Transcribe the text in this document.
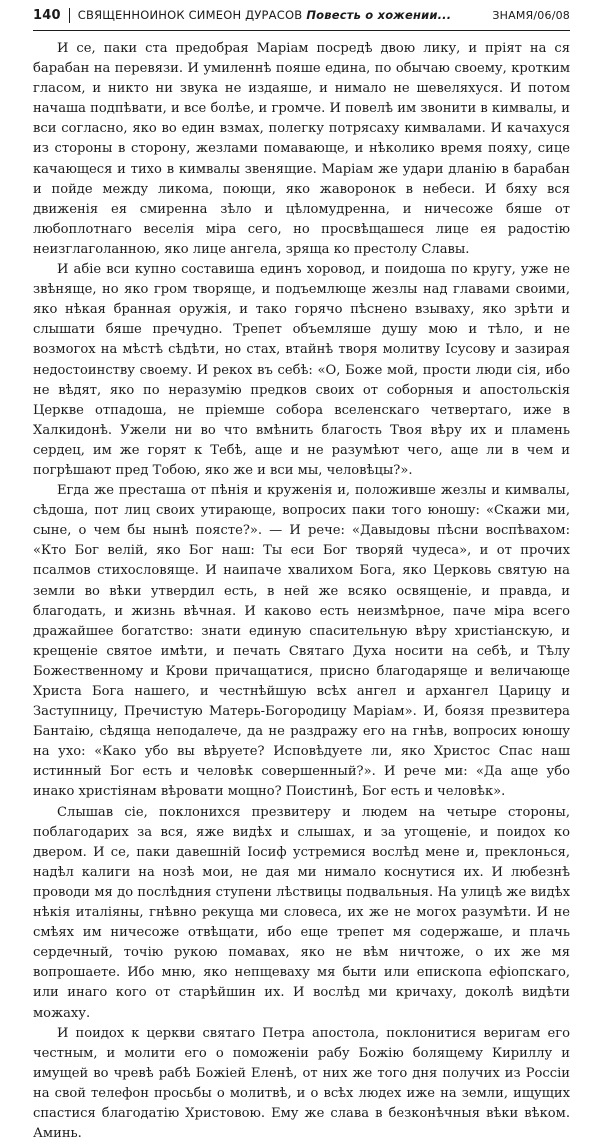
140 СВЯЩЕННОИНОК СИМЕОН ДУРАСОВ Повесть о хожении...	ЗНАМЯ/06/08

И се, паки ста предобрая Маріам посредѣ двою лику, и пріят на ся барабан на перевязи. И умиленнѣ пояше едина, по обычаю своему, кротким гласом, и никто ни звука не издаяше, и нимало не шевеляхуся. И потом начаша подпѣвати, и все болѣе, и громче. И повелѣ им звонити в кимвалы, и вси согласно, яко во един взмах, полегку потрясаху кимвалами. И качахуся из стороны в сторону, жезлами помавающе, и нѣколико время пояху, сице качающеся и тихо в кимвалы звенящие. Маріам же удари дланію в барабан и пойде между ликома, поющи, яко жаворонок в небеси. И бяху вся движенія ея смиренна зѣло и цѣломудренна, и ничесоже бяше от любоплотнаго веселія міра сего, но просвѣщашеся лице ея радостію неизглаголанною, яко лице ангела, зряща ко престолу Славы.

И абіе вси купно составиша единъ хоровод, и поидоша по кругу, уже не звѣняще, но яко гром творяще, и подъемлюще жезлы над главами своими, яко нѣкая бранная оружія, и тако горячо пѣснено взываху, яко зрѣти и слышати бяше пречудно. Трепет объемляше душу мою и тѣло, и не возмогох на мѣстѣ сѣдѣти, но стах, втайнѣ творя молитву Ісусову и зазирая недостоинству своему. И рекох въ себѣ: «О, Боже мой, прости люди сія, ибо не вѣдят, яко по неразумію предков своих от соборныя и апостольскія Церкве отпадоша, не пріемше собора вселенскаго четвертаго, иже в Халкидонѣ. Ужели ни во что вмѣнить благость Твоя вѣру их и пламень сердец, им же горят к Тебѣ, аще и не разумѣют чего, аще ли в чем и погрѣшают пред Тобою, яко же и вси мы, человѣцы?».

Егда же престаша от пѣнія и круженія и, положивше жезлы и кимвалы, сѣдоша, пот лиц своих утирающе, вопросих паки того юношу: «Скажи ми, сыне, о чем бы нынѣ поясте?». — И рече: «Давыдовы пѣсни воспѣвахом: «Кто Бог велій, яко Бог наш: Ты еси Бог творяй чудеса», и от прочих псалмов стихословяще. И наипаче хвалихом Бога, яко Церковь святую на земли во вѣки утвердил есть, в ней же всяко освященіе, и правда, и благодать, и жизнь вѣчная. И каково есть неизмѣрное, паче міра всего дражайшее богатство: знати единую спасительную вѣру христіанскую, и крещеніе святое имѣти, и печать Святаго Духа носити на себѣ, и Тѣлу Божественному и Крови причащатися, присно благодаряще и величающе Христа Бога нашего, и честнѣйшую всѣх ангел и архангел Царицу и Заступницу, Пречистую Матерь-Богородицу Маріам». И, боязя презвитера Бантаію, сѣдяща неподалече, да не раздражу его на гнѣв, вопросих юношу на ухо: «Како убо вы вѣруете? Исповѣдуете ли, яко Христос Спас наш истинный Бог есть и человѣк совершенный?». И рече ми: «Да аще убо инако христіянам вѣровати мощно? Поистинѣ, Бог есть и человѣк».

Слышав сіе, поклонихся презвитеру и людем на четыре стороны, поблагодарих за вся, яже видѣх и слышах, и за угощеніе, и поидох ко двером. И се, паки давешній Іосиф устремися вослѣд мене и, преклонься, надѣл калиги на нозѣ мои, не дая ми нимало коснутися их. И любезнѣ проводи мя до послѣдния ступени лѣствицы подвальныя. На улицѣ же видѣх нѣкія италіяны, гнѣвно рекуща ми словеса, их же не могох разумѣти. И не смѣях им ничесоже отвѣщати, ибо еще трепет мя содержаше, и плачь сердечный, точію рукою помавах, яко не вѣм ничтоже, о их же мя вопрошаете. Ибо мню, яко непщеваху мя быти или епископа ефіопскаго, или инаго кого от старѣйшин их. И вослѣд ми кричаху, доколѣ видѣти можаху.

И поидох к церкви святаго Петра апостола, поклонитися веригам его честным, и молити его о поможеніи рабу Божію болящему Кириллу и имущей во чревѣ рабѣ Божіей Еленѣ, от них же того дня получих из Россіи на свой телефон просьбы о молитвѣ, и о всѣх людех иже на земли, ищущих спастися благодатію Христовою. Ему же слава в безконѣчныя вѣки вѣком. Аминь.
